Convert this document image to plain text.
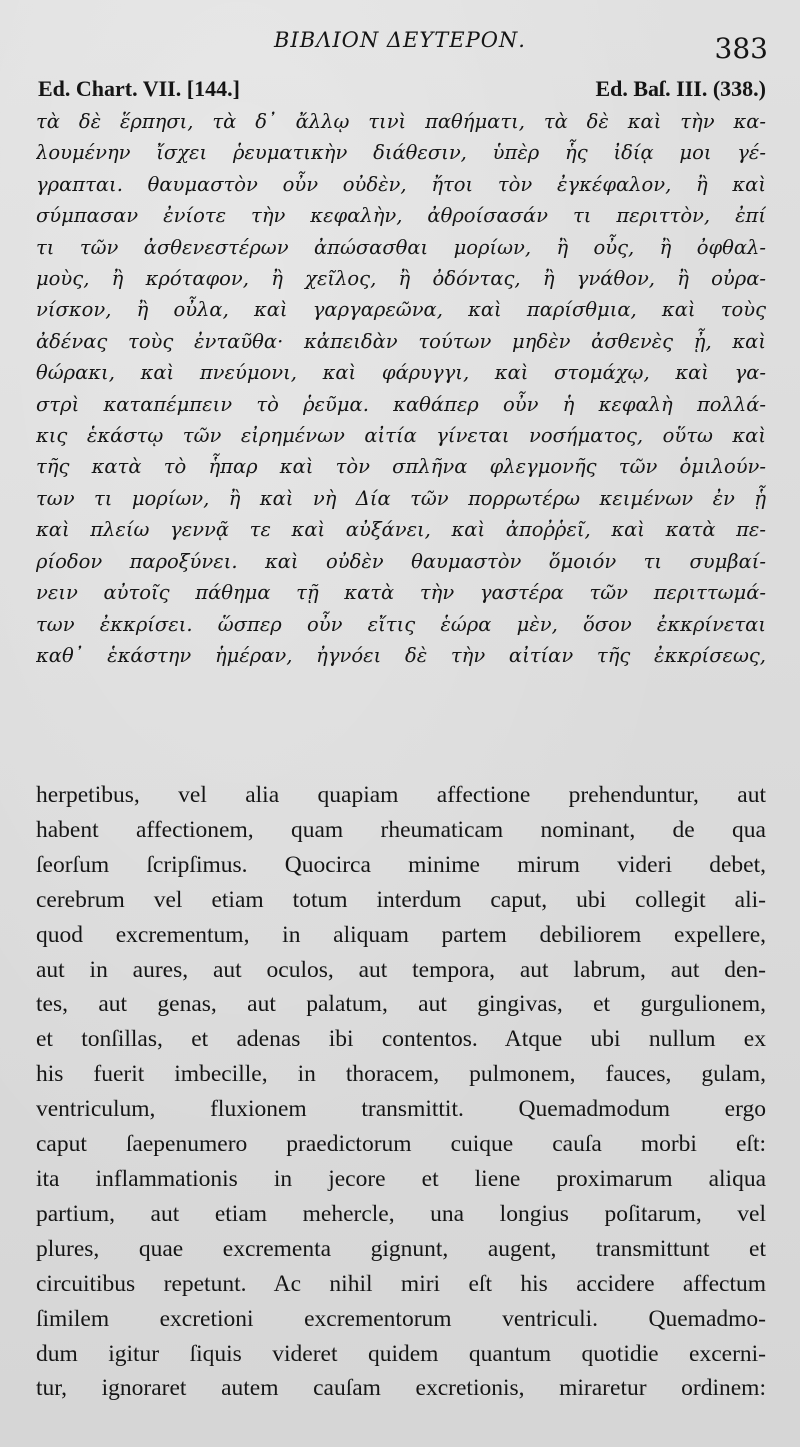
ΒΙΒΛΙΟΝ ΔΕΥΤΕΡΟΝ.	383
Ed. Chart. VII. [144.]	Ed. Baſ. III. (338.)
τὰ δὲ ἕρπησι, τὰ δ᾽ ἄλλῳ τινὶ παθήματι, τὰ δὲ καὶ τὴν κα-
λουμένην ἴσχει ῥευματικὴν διάθεσιν, ὑπὲρ ἧς ἰδίᾳ μοι γέ-
γραπται. θαυμαστὸν οὖν οὐδὲν, ἤτοι τὸν ἐγκέφαλον, ἢ καὶ
σύμπασαν ἐνίοτε τὴν κεφαλὴν, ἀθροίσασάν τι περιττὸν, ἐπί
τι τῶν ἀσθενεστέρων ἀπώσασθαι μορίων, ἢ οὖς, ἢ ὀφθαλ-
μοὺς, ἢ κρόταφον, ἢ χεῖλος, ἢ ὀδόντας, ἢ γνάθον, ἢ οὐρα-
νίσκον, ἢ οὖλα, καὶ γαργαρεῶνα, καὶ παρίσθμια, καὶ τοὺς
ἀδένας τοὺς ἐνταῦθα· κἀπειδὰν τούτων μηδὲν ἀσθενὲς ᾖ, καὶ
θώρακι, καὶ πνεύμονι, καὶ φάρυγγι, καὶ στομάχῳ, καὶ γα-
στρὶ καταπέμπειν τὸ ῥεῦμα. καθάπερ οὖν ἡ κεφαλὴ πολλά-
κις ἑκάστῳ τῶν εἰρημένων αἰτία γίνεται νοσήματος, οὕτω καὶ
τῆς κατὰ τὸ ἧπαρ καὶ τὸν σπλῆνα φλεγμονῆς τῶν ὁμιλούν-
των τι μορίων, ἢ καὶ νὴ Δία τῶν πορρωτέρω κειμένων ἐν ᾗ
καὶ πλείω γεννᾷ τε καὶ αὐξάνει, καὶ ἀποῤῥεῖ, καὶ κατὰ πε-
ρίοδον παροξύνει. καὶ οὐδὲν θαυμαστὸν ὅμοιόν τι συμβαί-
νειν αὐτοῖς πάθημα τῇ κατὰ τὴν γαστέρα τῶν περιττωμά-
των ἐκκρίσει. ὥσπερ οὖν εἴτις ἑώρα μὲν, ὅσον ἐκκρίνεται
καθ᾽ ἑκάστην ἡμέραν, ἠγνόει δὲ τὴν αἰτίαν τῆς ἐκκρίσεως,
herpetibus, vel alia quapiam affectione prehenduntur, aut
habent affectionem, quam rheumaticam nominant, de qua
ſeorſum ſcripſimus. Quocirca minime mirum videri debet,
cerebrum vel etiam totum interdum caput, ubi collegit ali-
quod excrementum, in aliquam partem debiliorem expellere,
aut in aures, aut oculos, aut tempora, aut labrum, aut den-
tes, aut genas, aut palatum, aut gingivas, et gurgulionem,
et tonſillas, et adenas ibi contentos. Atque ubi nullum ex
his fuerit imbecille, in thoracem, pulmonem, fauces, gulam,
ventriculum, fluxionem transmittit. Quemadmodum ergo
caput ſaepenumero praedictorum cuique cauſa morbi eſt:
ita inflammationis in jecore et liene proximarum aliqua
partium, aut etiam mehercle, una longius poſitarum, vel
plures, quae excrementa gignunt, augent, transmittunt et
circuitibus repetunt. Ac nihil miri eſt his accidere affectum
ſimilem excretioni excrementorum ventriculi. Quemadmo-
dum igitur ſiquis videret quidem quantum quotidie excerni-
tur, ignoraret autem cauſam excretionis, miraretur ordinem:
